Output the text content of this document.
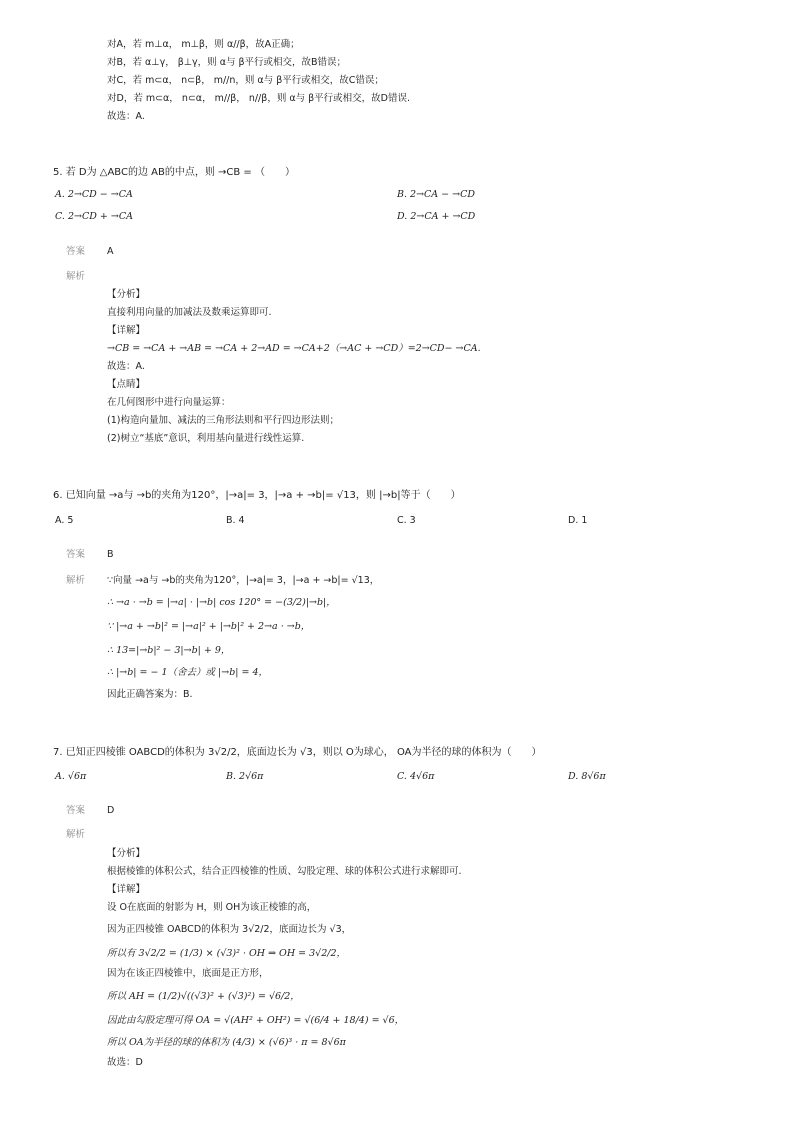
对A，若 m⊥α， m⊥β，则 α//β，故A正确；
对B，若 α⊥γ， β⊥γ，则 α与 β平行或相交，故B错误；
对C，若 m⊂α， n⊂β， m//n，则 α与 β平行或相交，故C错误；
对D，若 m⊂α， n⊂α， m//β， n//β，则 α与 β平行或相交，故D错误.
故选：A.
5. 若 D为 △ABC的边 AB的中点，则 →CB = （　　）
A. 2→CD − →CA	B. 2→CA − →CD
C. 2→CD + →CA	D. 2→CA + →CD
答案 A
解析
【分析】
直接利用向量的加减法及数乘运算即可.
【详解】
→CB = →CA + →AB = →CA + 2→AD = →CA+2（→AC + →CD）=2→CD− →CA.
故选：A.
【点睛】
在几何图形中进行向量运算：
(1)构造向量加、减法的三角形法则和平行四边形法则；
(2)树立“基底”意识，利用基向量进行线性运算.
6. 已知向量 →a与 →b的夹角为120°，|→a|= 3，|→a + →b|= √13，则 |→b|等于（　　）
A. 5	B. 4	C. 3	D. 1
答案 B
解析 ∵向量 →a与 →b的夹角为120°，|→a|= 3，|→a + →b|= √13，
∴ →a · →b = |→a| · |→b| cos 120° = −(3/2)|→b|，
∵ |→a + →b|² = |→a|² + |→b|² + 2→a · →b，
∴ 13=|→b|² − 3|→b| + 9，
∴ |→b| = − 1（舍去）或 |→b| = 4，
因此正确答案为：B.
7. 已知正四棱锥 OABCD的体积为 3√2/2，底面边长为 √3，则以 O为球心， OA为半径的球的体积为（　　）
A. √6π	B. 2√6π	C. 4√6π	D. 8√6π
答案 D
解析
【分析】
根据棱锥的体积公式，结合正四棱锥的性质、勾股定理、球的体积公式进行求解即可.
【详解】
设 O在底面的射影为 H，则 OH为该正棱锥的高，
因为正四棱锥 OABCD的体积为 3√2/2，底面边长为 √3，
所以有 3√2/2 = (1/3) × (√3)² · OH ⇒ OH = 3√2/2，
因为在该正四棱锥中，底面是正方形，
所以 AH = (1/2)√((√3)² + (√3)²) = √6/2，
因此由勾股定理可得 OA = √(AH² + OH²) = √(6/4 + 18/4) = √6，
所以 OA为半径的球的体积为 (4/3) × (√6)³ · π = 8√6π
故选：D
